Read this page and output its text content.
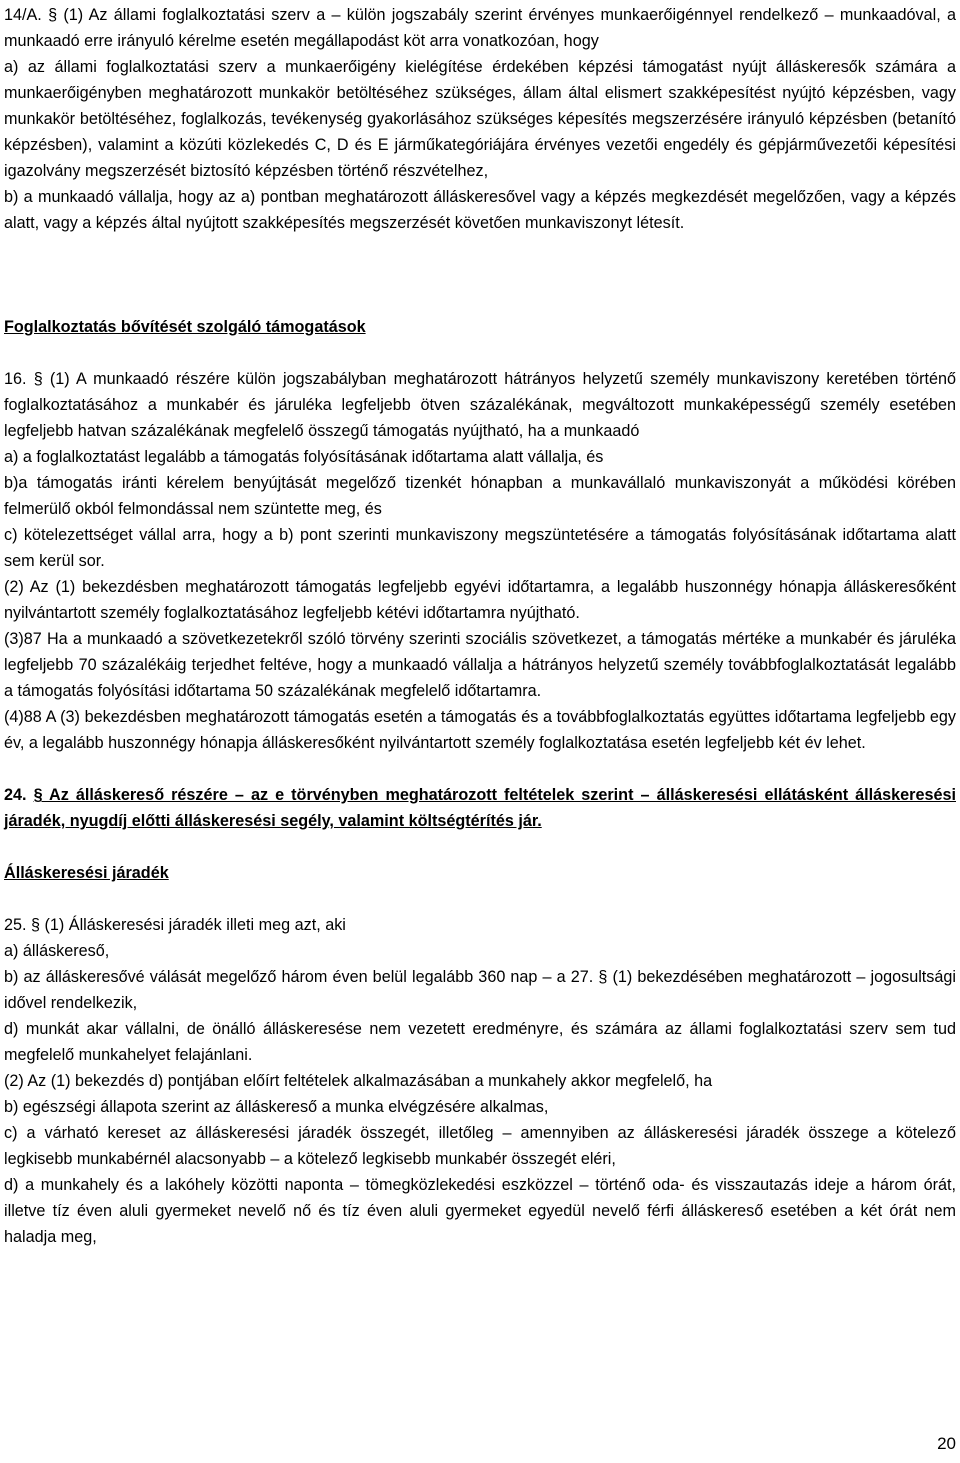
14/A. § (1) Az állami foglalkoztatási szerv a – külön jogszabály szerint érvényes munkaerőigénnyel rendelkező – munkaadóval, a munkaadó erre irányuló kérelme esetén megállapodást köt arra vonatkozóan, hogy

a) az állami foglalkoztatási szerv a munkaerőigény kielégítése érdekében képzési támogatást nyújt álláskeresők számára a munkaerőigényben meghatározott munkakör betöltéséhez szükséges, állam által elismert szakképesítést nyújtó képzésben, vagy munkakör betöltéséhez, foglalkozás, tevékenység gyakorlásához szükséges képesítés megszerzésére irányuló képzésben (betanító képzésben), valamint a közúti közlekedés C, D és E járműkategóriájára érvényes vezetői engedély és gépjárművezetői képesítési igazolvány megszerzését biztosító képzésben történő részvételhez,

b) a munkaadó vállalja, hogy az a) pontban meghatározott álláskeresővel vagy a képzés megkezdését megelőzően, vagy a képzés alatt, vagy a képzés által nyújtott szakképesítés megszerzését követően munkaviszonyt létesít.

Foglalkoztatás bővítését szolgáló támogatások

16. § (1) A munkaadó részére külön jogszabályban meghatározott hátrányos helyzetű személy munkaviszony keretében történő foglalkoztatásához a munkabér és járuléka legfeljebb ötven százalékának, megváltozott munkaképességű személy esetében legfeljebb hatvan százalékának megfelelő összegű támogatás nyújtható, ha a munkaadó

a) a foglalkoztatást legalább a támogatás folyósításának időtartama alatt vállalja, és

b)a támogatás iránti kérelem benyújtását megelőző tizenkét hónapban a munkavállaló munkaviszonyát a működési körében felmerülő okból felmondással nem szüntette meg, és

c) kötelezettséget vállal arra, hogy a b) pont szerinti munkaviszony megszüntetésére a támogatás folyósításának időtartama alatt sem kerül sor.

(2) Az (1) bekezdésben meghatározott támogatás legfeljebb egyévi időtartamra, a legalább huszonnégy hónapja álláskeresőként nyilvántartott személy foglalkoztatásához legfeljebb kétévi időtartamra nyújtható.

(3)87 Ha a munkaadó a szövetkezetekről szóló törvény szerinti szociális szövetkezet, a támogatás mértéke a munkabér és járuléka legfeljebb 70 százalékáig terjedhet feltéve, hogy a munkaadó vállalja a hátrányos helyzetű személy továbbfoglalkoztatását legalább a támogatás folyósítási időtartama 50 százalékának megfelelő időtartamra.

(4)88 A (3) bekezdésben meghatározott támogatás esetén a támogatás és a továbbfoglalkoztatás együttes időtartama legfeljebb egy év, a legalább huszonnégy hónapja álláskeresőként nyilvántartott személy foglalkoztatása esetén legfeljebb két év lehet.

24. § Az álláskereső részére – az e törvényben meghatározott feltételek szerint – álláskeresési ellátásként álláskeresési járadék, nyugdíj előtti álláskeresési segély, valamint költségtérítés jár.

Álláskeresési járadék

25. § (1) Álláskeresési járadék illeti meg azt, aki

a) álláskereső,

b) az álláskeresővé válását megelőző három éven belül legalább 360 nap – a 27. § (1) bekezdésében meghatározott – jogosultsági idővel rendelkezik,

d) munkát akar vállalni, de önálló álláskeresése nem vezetett eredményre, és számára az állami foglalkoztatási szerv sem tud megfelelő munkahelyet felajánlani.

(2) Az (1) bekezdés d) pontjában előírt feltételek alkalmazásában a munkahely akkor megfelelő, ha

b) egészségi állapota szerint az álláskereső a munka elvégzésére alkalmas,

c) a várható kereset az álláskeresési járadék összegét, illetőleg – amennyiben az álláskeresési járadék összege a kötelező legkisebb munkabérnél alacsonyabb – a kötelező legkisebb munkabér összegét eléri,

d) a munkahely és a lakóhely közötti naponta – tömegközlekedési eszközzel – történő oda- és visszautazás ideje a három órát, illetve tíz éven aluli gyermeket nevelő nő és tíz éven aluli gyermeket egyedül nevelő férfi álláskereső esetében a két órát nem haladja meg,

20
